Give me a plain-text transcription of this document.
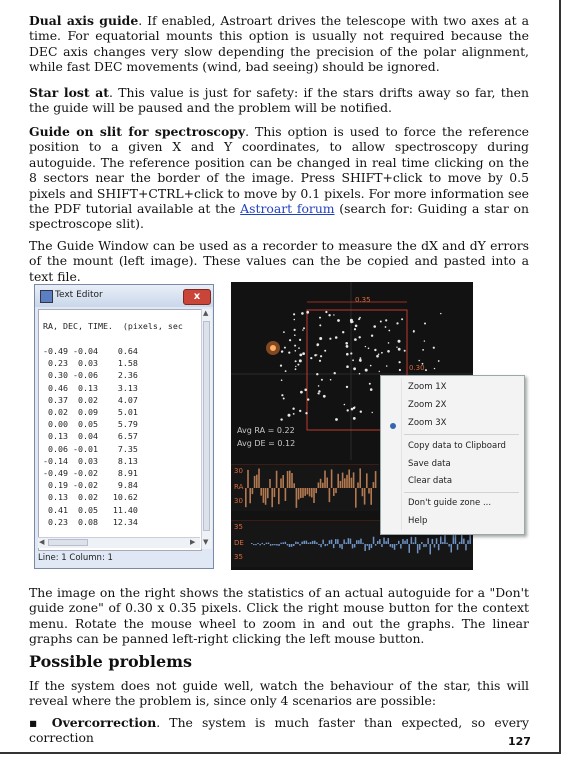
Dual axis guide. If enabled, Astroart drives the telescope with two axes at a time. For equatorial mounts this option is usually not required because the DEC axis changes very slow depending the precision of the polar alignment, while fast DEC movements (wind, bad seeing) should be ignored.

Star lost at. This value is just for safety: if the stars drifts away so far, then the guide will be paused and the problem will be notified.

Guide on slit for spectroscopy. This option is used to force the reference position to a given X and Y coordinates, to allow spectroscopy during autoguide. The reference position can be changed in real time clicking on the 8 sectors near the border of the image. Press SHIFT+click to move by 0.5 pixels and SHIFT+CTRL+click to move by 0.1 pixels. For more information see the PDF tutorial available at the Astroart forum (search for: Guiding a star on spectroscope slit).

The Guide Window can be used as a recorder to measure the dX and dY errors of the mount (left image). These values can the be copied and pasted into a text file.

Text Editor	x
RA, DEC, TIME.  (pixels, sec
-0.49 -0.04    0.64
0.23  0.03    1.58
0.30 -0.06    2.36
0.46  0.13    3.13
0.37  0.02    4.07
0.02  0.09    5.01
0.00  0.05    5.79
0.13  0.04    6.57
0.06 -0.01    7.35
-0.14  0.03    8.13
-0.49 -0.02    8.91
0.19 -0.02    9.84
0.13  0.02   10.62
0.41  0.05   11.40
0.23  0.08   12.34
▲
▼
◀	▶
Line: 1 Column: 1
0.35
0.30
Avg RA = 0.22
Avg DE = 0.12
30
RA
30
35
DE
35
Zoom 1X
Zoom 2X
Zoom 3X
Copy data to Clipboard
Save data
Clear data
Don't guide zone ...
Help

The image on the right shows the statistics of an actual autoguide for a "Don't guide zone" of 0.30 x 0.35 pixels. Click the right mouse button for the context menu. Rotate the mouse wheel to zoom in and out the graphs. The linear graphs can be panned left-right clicking the left mouse button.

Possible problems

If the system does not guide well, watch the behaviour of the star, this will reveal where the problem is, since only 4 scenarios are possible:

▪ Overcorrection. The system is much faster than expected, so every correction	127
